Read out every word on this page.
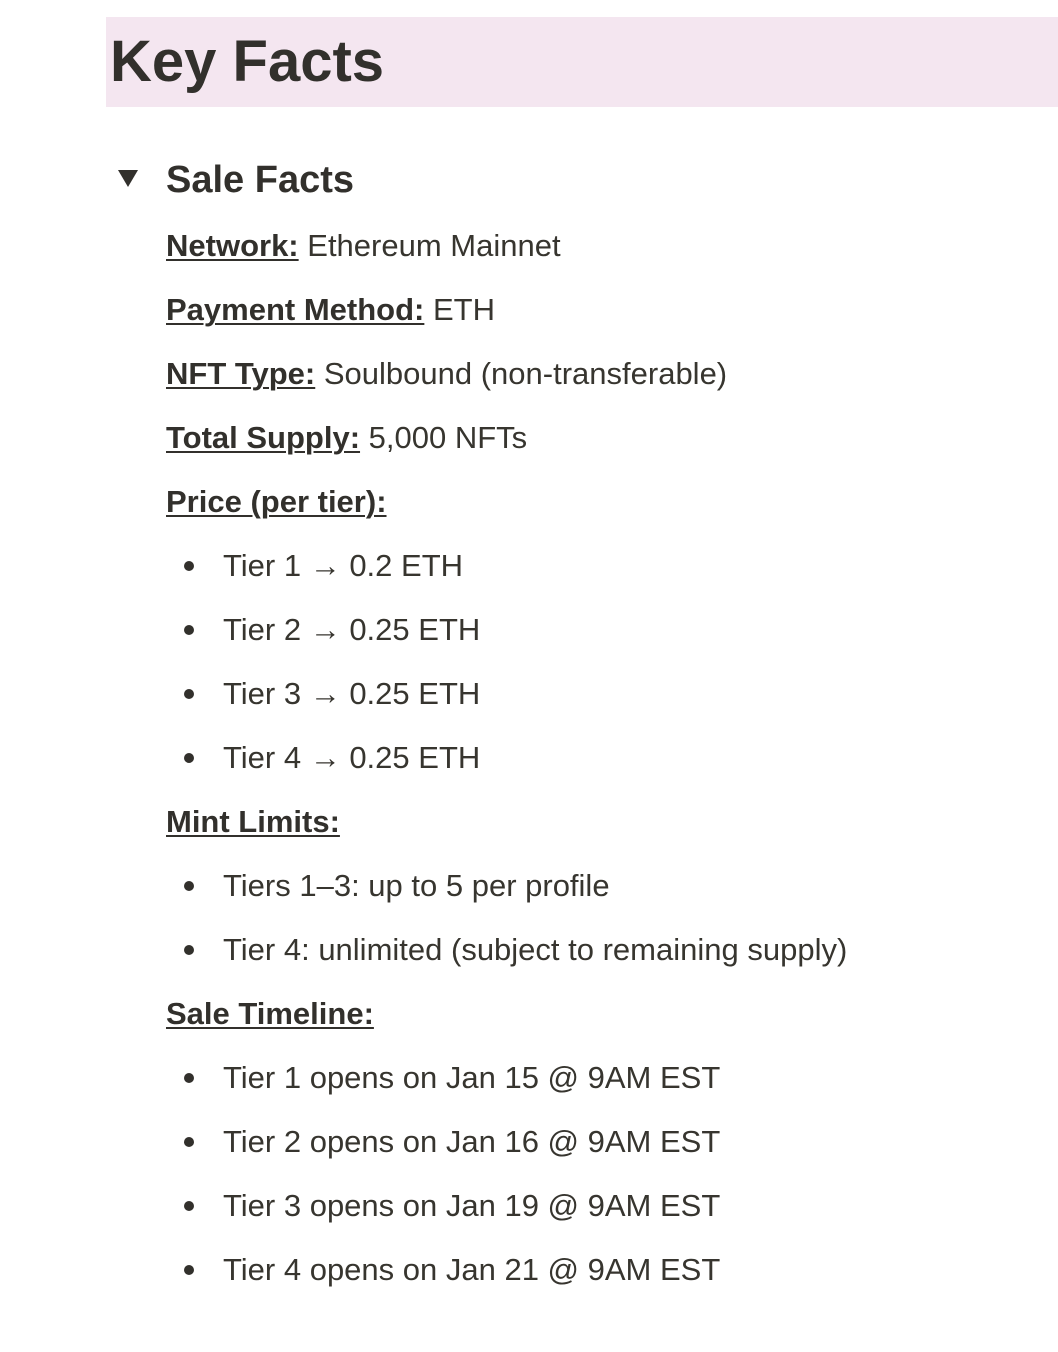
Key Facts
Sale Facts
Network: Ethereum Mainnet
Payment Method: ETH
NFT Type: Soulbound (non-transferable)
Total Supply: 5,000 NFTs
Price (per tier):
Tier 1 → 0.2 ETH
Tier 2 → 0.25 ETH
Tier 3 → 0.25 ETH
Tier 4 → 0.25 ETH
Mint Limits:
Tiers 1–3: up to 5 per profile
Tier 4: unlimited (subject to remaining supply)
Sale Timeline:
Tier 1 opens on Jan 15 @ 9AM EST
Tier 2 opens on Jan 16 @ 9AM EST
Tier 3 opens on Jan 19 @ 9AM EST
Tier 4 opens on Jan 21 @ 9AM EST
